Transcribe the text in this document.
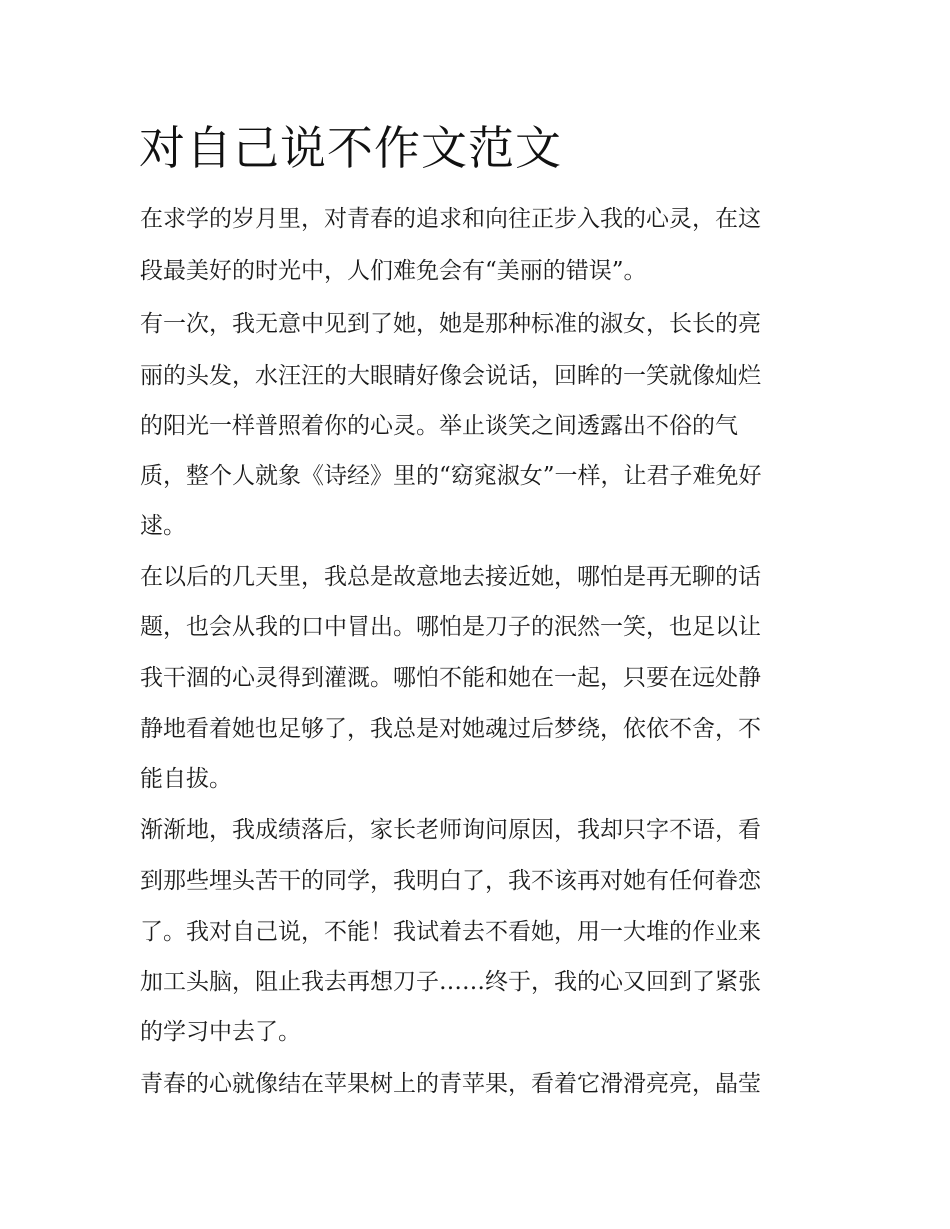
对自己说不作文范文

在求学的岁月里，对青春的追求和向往正步入我的心灵，在这

段最美好的时光中，人们难免会有“美丽的错误”。

有一次，我无意中见到了她，她是那种标准的淑女，长长的亮

丽的头发，水汪汪的大眼睛好像会说话，回眸的一笑就像灿烂

的阳光一样普照着你的心灵。举止谈笑之间透露出不俗的气

质，整个人就象《诗经》里的“窈窕淑女”一样，让君子难免好

逑。

在以后的几天里，我总是故意地去接近她，哪怕是再无聊的话

题，也会从我的口中冒出。哪怕是刀子的泯然一笑，也足以让

我干涸的心灵得到灌溉。哪怕不能和她在一起，只要在远处静

静地看着她也足够了，我总是对她魂过后梦绕，依依不舍，不

能自拔。

渐渐地，我成绩落后，家长老师询问原因，我却只字不语，看

到那些埋头苦干的同学，我明白了，我不该再对她有任何眷恋

了。我对自己说，不能！我试着去不看她，用一大堆的作业来

加工头脑，阻止我去再想刀子……终于，我的心又回到了紧张

的学习中去了。

青春的心就像结在苹果树上的青苹果，看着它滑滑亮亮，晶莹
